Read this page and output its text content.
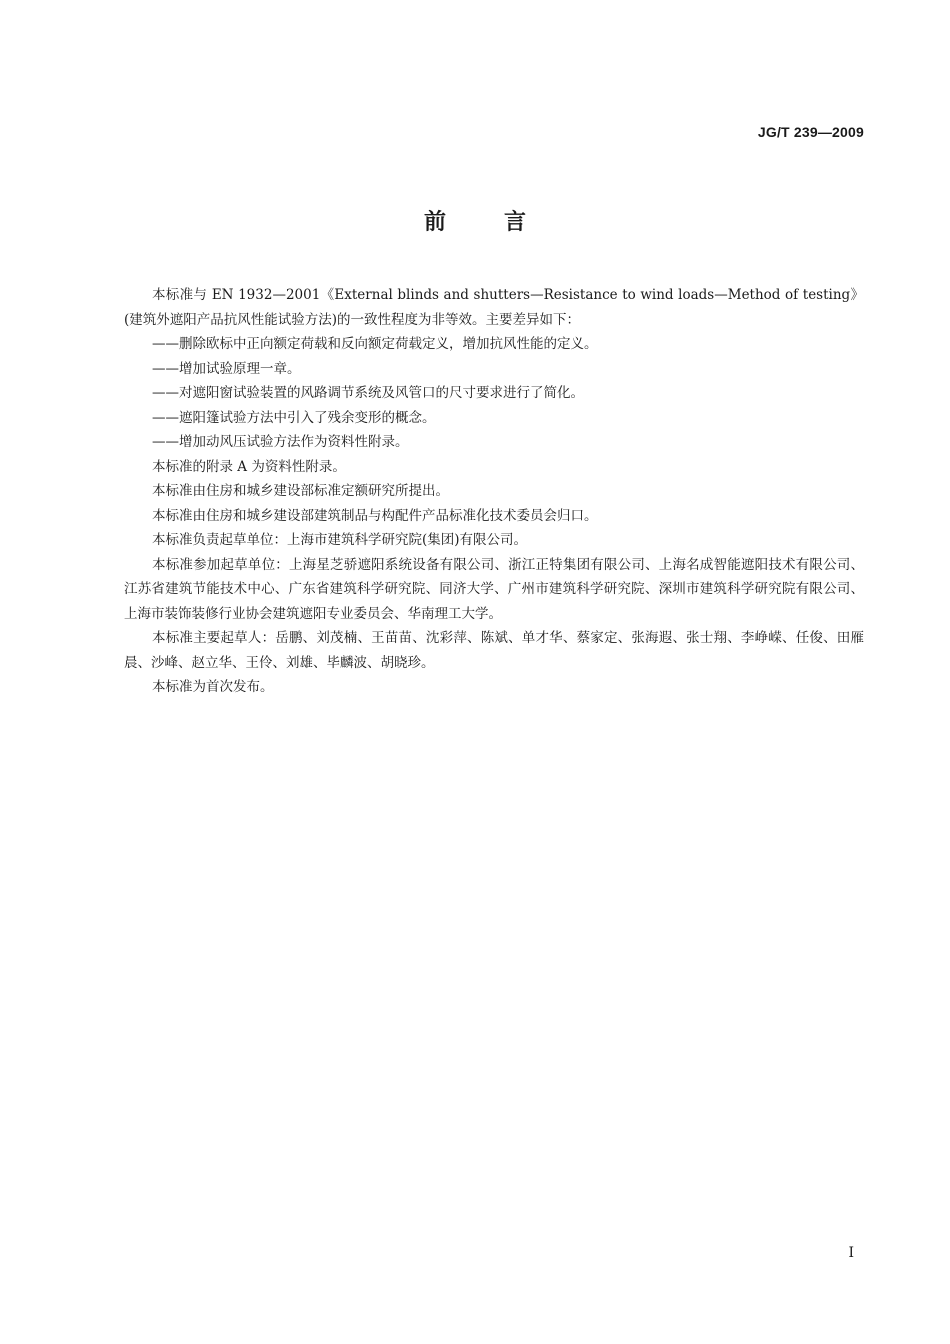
JG/T 239—2009
前言

本标准与 EN 1932—2001《External blinds and shutters—Resistance to wind loads—Method of testing》(建筑外遮阳产品抗风性能试验方法)的一致性程度为非等效。主要差异如下：

——删除欧标中正向额定荷载和反向额定荷载定义，增加抗风性能的定义。

——增加试验原理一章。

——对遮阳窗试验装置的风路调节系统及风管口的尺寸要求进行了简化。

——遮阳篷试验方法中引入了残余变形的概念。

——增加动风压试验方法作为资料性附录。

本标准的附录 A 为资料性附录。

本标准由住房和城乡建设部标准定额研究所提出。

本标准由住房和城乡建设部建筑制品与构配件产品标准化技术委员会归口。

本标准负责起草单位：上海市建筑科学研究院(集团)有限公司。

本标准参加起草单位：上海星芝骄遮阳系统设备有限公司、浙江正特集团有限公司、上海名成智能遮阳技术有限公司、江苏省建筑节能技术中心、广东省建筑科学研究院、同济大学、广州市建筑科学研究院、深圳市建筑科学研究院有限公司、上海市装饰装修行业协会建筑遮阳专业委员会、华南理工大学。

本标准主要起草人：岳鹏、刘茂楠、王苗苗、沈彩萍、陈斌、单才华、蔡家定、张海遐、张士翔、李峥嵘、任俊、田雁晨、沙峰、赵立华、王伶、刘雄、毕麟波、胡晓珍。

本标准为首次发布。

I
